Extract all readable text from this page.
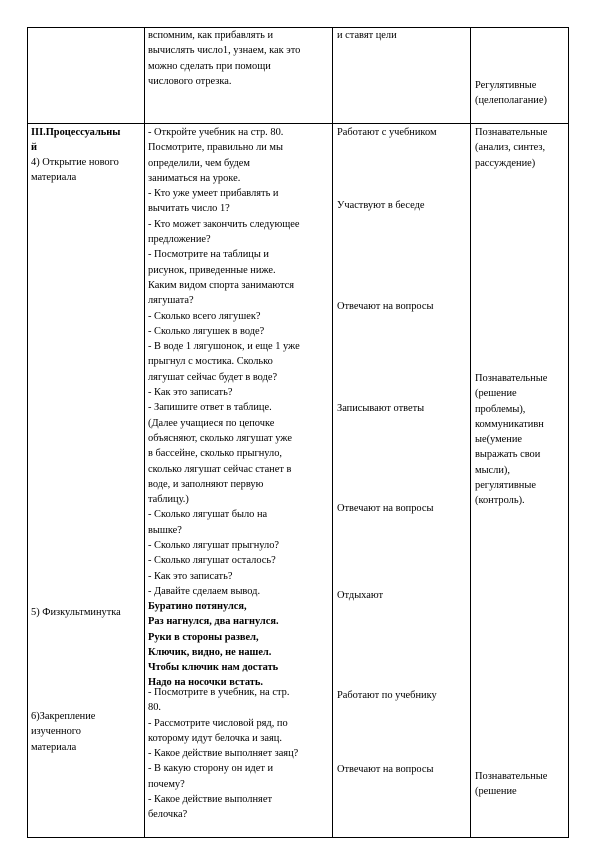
вспомним, как прибавлять и

вычислять число1, узнаем, как это

можно сделать при помощи

числового отрезка.

и ставят цели

Регулятивные

(целеполагание)

III.Процессуальны

й

4) Открытие нового

материала

5) Физкультминутка

6)Закрепление

изученного

материала

- Откройте учебник на стр. 80.

Посмотрите, правильно ли мы

определили, чем будем

заниматься на уроке.

- Кто уже умеет прибавлять и

вычитать число 1?

- Кто может закончить следующее

предложение?

- Посмотрите на таблицы и

рисунок, приведенные ниже.

Каким видом спорта занимаются

лягушата?

- Сколько всего лягушек?

- Сколько лягушек в воде?

- В воде 1 лягушонок, и еще 1 уже

прыгнул с мостика. Сколько

лягушат сейчас будет в воде?

- Как это записать?

- Запишите ответ в таблице.

(Далее учащиеся по цепочке

объясняют, сколько лягушат уже

в бассейне, сколько прыгнуло,

сколько лягушат сейчас станет в

воде, и заполняют первую

таблицу.)

- Сколько лягушат было на

вышке?

- Сколько лягушат прыгнуло?

- Сколько лягушат осталось?

- Как это записать?

- Давайте сделаем вывод.

Буратино потянулся,

Раз нагнулся, два нагнулся.

Руки в стороны развел,

Ключик, видно, не нашел.

Чтобы ключик нам достать

Надо на носочки встать.

- Посмотрите в учебник, на стр.

80.

- Рассмотрите числовой ряд, по

которому идут белочка и заяц.

- Какое действие выполняет заяц?

- В какую сторону он идет и

почему?

- Какое действие выполняет

белочка?

Работают с учебником

Участвуют в беседе

Отвечают на вопросы

Записывают ответы

Отвечают на вопросы

Отдыхают

Работают по учебнику

Отвечают на вопросы

Познавательные

(анализ, синтез,

рассуждение)

Познавательные

(решение

проблемы),

коммуникативн

ые(умение

выражать свои

мысли),

регулятивные

(контроль).

Познавательные

(решение
